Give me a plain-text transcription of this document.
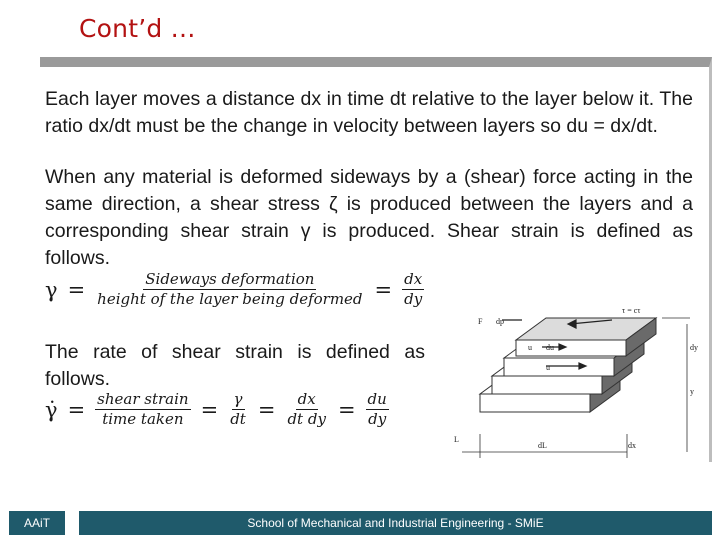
Cont’d …

Each layer moves a distance dx in time dt relative to the layer below it. The ratio dx/dt must be the change in velocity between layers so du = dx/dt.

When any material is deformed sideways by a (shear) force acting in the same direction, a shear stress ζ is produced between the layers and a corresponding shear strain γ is produced. Shear strain is defined as follows.

$\gamma = \frac{\text{Sideways deformation}}{\text{height of the layer being deformed}} = \frac{dx}{dy}$

The rate of shear strain is defined as follows.

γ̇ = $\frac{\text{shear strain}}{\text{time taken}} = \frac{\gamma}{dt} = \frac{dx}{\text{dt dy}} = \frac{du}{dy}$
τ = cτ
F dp
u du
u
dy
y
dL
L
dx
AAiT	School of Mechanical and Industrial Engineering - SMiE
